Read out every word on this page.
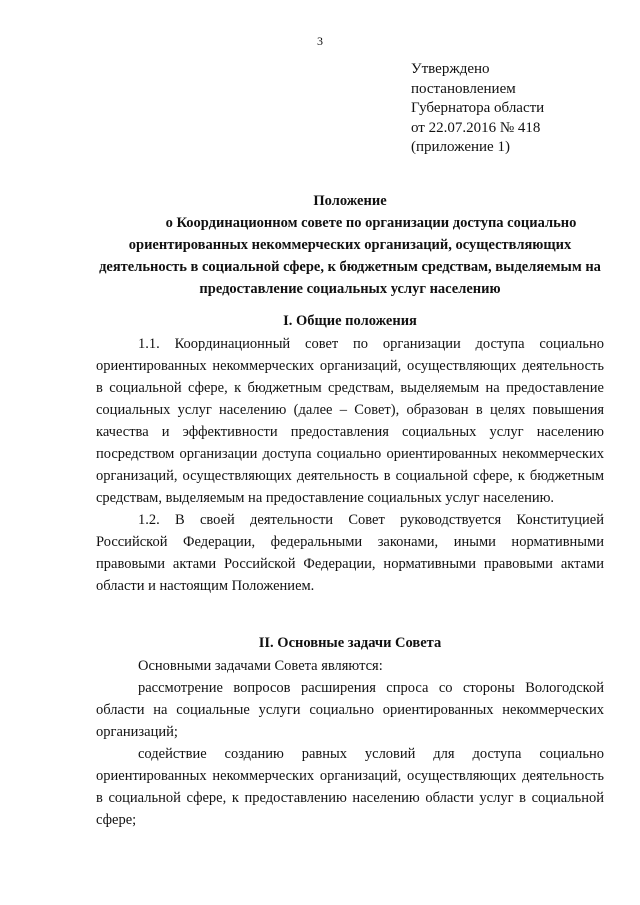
3
Утверждено
постановлением
Губернатора области
от 22.07.2016 № 418
(приложение 1)
Положение
о Координационном совете по организации доступа социально ориентированных некоммерческих организаций, осуществляющих деятельность в социальной сфере, к бюджетным средствам, выделяемым на предоставление социальных услуг населению
I. Общие положения

1.1. Координационный совет по организации доступа социально ориентированных некоммерческих организаций, осуществляющих деятельность в социальной сфере, к бюджетным средствам, выделяемым на предоставление социальных услуг населению (далее – Совет), образован в целях повышения качества и эффективности предоставления социальных услуг населению посредством организации доступа социально ориентированных некоммерческих организаций, осуществляющих деятельность в социальной сфере, к бюджетным средствам, выделяемым на предоставление социальных услуг населению.

1.2. В своей деятельности Совет руководствуется Конституцией Российской Федерации, федеральными законами, иными нормативными правовыми актами Российской Федерации, нормативными правовыми актами области и настоящим Положением.

II. Основные задачи Совета

Основными задачами Совета являются:

рассмотрение вопросов расширения спроса со стороны Вологодской области на социальные услуги социально ориентированных некоммерческих организаций;

содействие созданию равных условий для доступа социально ориентированных некоммерческих организаций, осуществляющих деятельность в социальной сфере, к предоставлению населению области услуг в социальной сфере;
